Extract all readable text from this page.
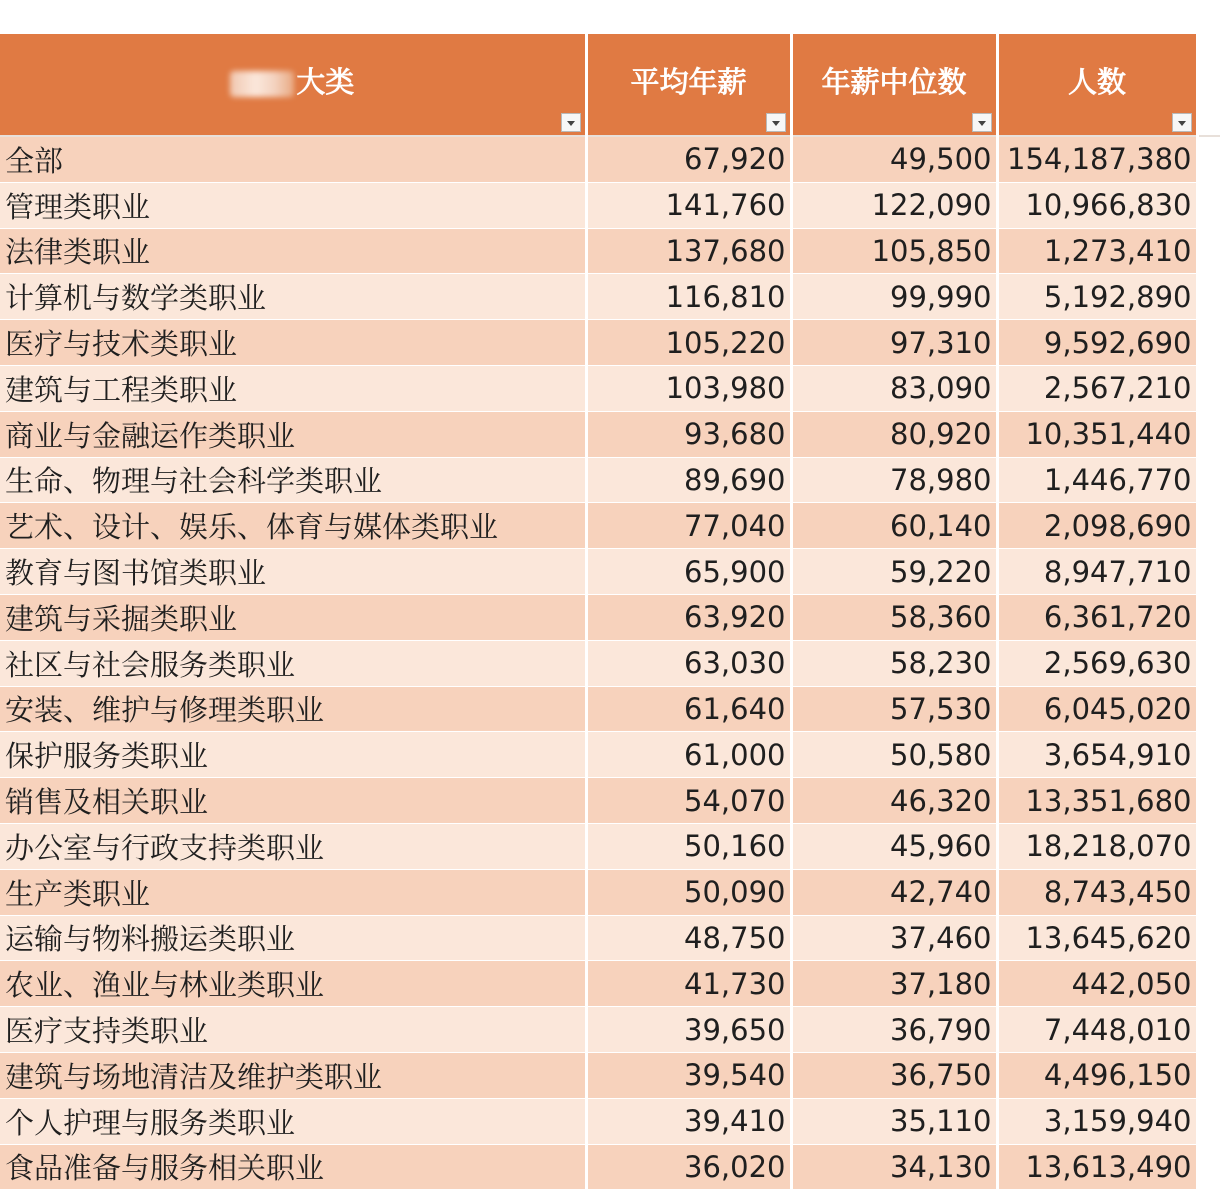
大类	平均年薪	年薪中位数	人数	

全部	67,920	49,500	154,187,380	
管理类职业	141,760	122,090	10,966,830	
法律类职业	137,680	105,850	1,273,410	
计算机与数学类职业	116,810	99,990	5,192,890	
医疗与技术类职业	105,220	97,310	9,592,690	
建筑与工程类职业	103,980	83,090	2,567,210	
商业与金融运作类职业	93,680	80,920	10,351,440	
生命、物理与社会科学类职业	89,690	78,980	1,446,770	
艺术、设计、娱乐、体育与媒体类职业	77,040	60,140	2,098,690	
教育与图书馆类职业	65,900	59,220	8,947,710	
建筑与采掘类职业	63,920	58,360	6,361,720	
社区与社会服务类职业	63,030	58,230	2,569,630	
安装、维护与修理类职业	61,640	57,530	6,045,020	
保护服务类职业	61,000	50,580	3,654,910	
销售及相关职业	54,070	46,320	13,351,680	
办公室与行政支持类职业	50,160	45,960	18,218,070	
生产类职业	50,090	42,740	8,743,450	
运输与物料搬运类职业	48,750	37,460	13,645,620	
农业、渔业与林业类职业	41,730	37,180	442,050	
医疗支持类职业	39,650	36,790	7,448,010	
建筑与场地清洁及维护类职业	39,540	36,750	4,496,150	
个人护理与服务类职业	39,410	35,110	3,159,940	
食品准备与服务相关职业	36,020	34,130	13,613,490	
